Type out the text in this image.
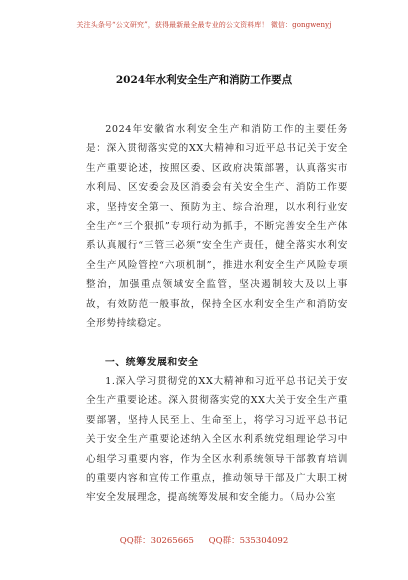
关注头条号“公文研究”，获得最新最全最专业的公文资料库！ 微信：gongwenyj
2024年水利安全生产和消防工作要点

2024年安徽省水利安全生产和消防工作的主要任务是：深入贯彻落实党的XX大精神和习近平总书记关于安全生产重要论述，按照区委、区政府决策部署，认真落实市水利局、区安委会及区消委会有关安全生产、消防工作要求，坚持安全第一、预防为主、综合治理，以水利行业安全生产“三个狠抓”专项行动为抓手，不断完善安全生产体系认真履行“三管三必须”安全生产责任，健全落实水利安全生产风险管控“六项机制”，推进水利安全生产风险专项整治，加强重点领域安全监管，坚决遏制较大及以上事故，有效防范一般事故，保持全区水利安全生产和消防安全形势持续稳定。

一、统筹发展和安全

1.深入学习贯彻党的XX大精神和习近平总书记关于安全生产重要论述。深入贯彻落实党的XX大关于安全生产重要部署，坚持人民至上、生命至上，将学习习近平总书记关于安全生产重要论述纳入全区水利系统党组理论学习中心组学习重要内容，作为全区水利系统领导干部教育培训的重要内容和宣传工作重点，推动领导干部及广大职工树牢安全发展理念，提高统筹发展和安全能力。（局办公室

QQ群：30265665 QQ群：535304092
